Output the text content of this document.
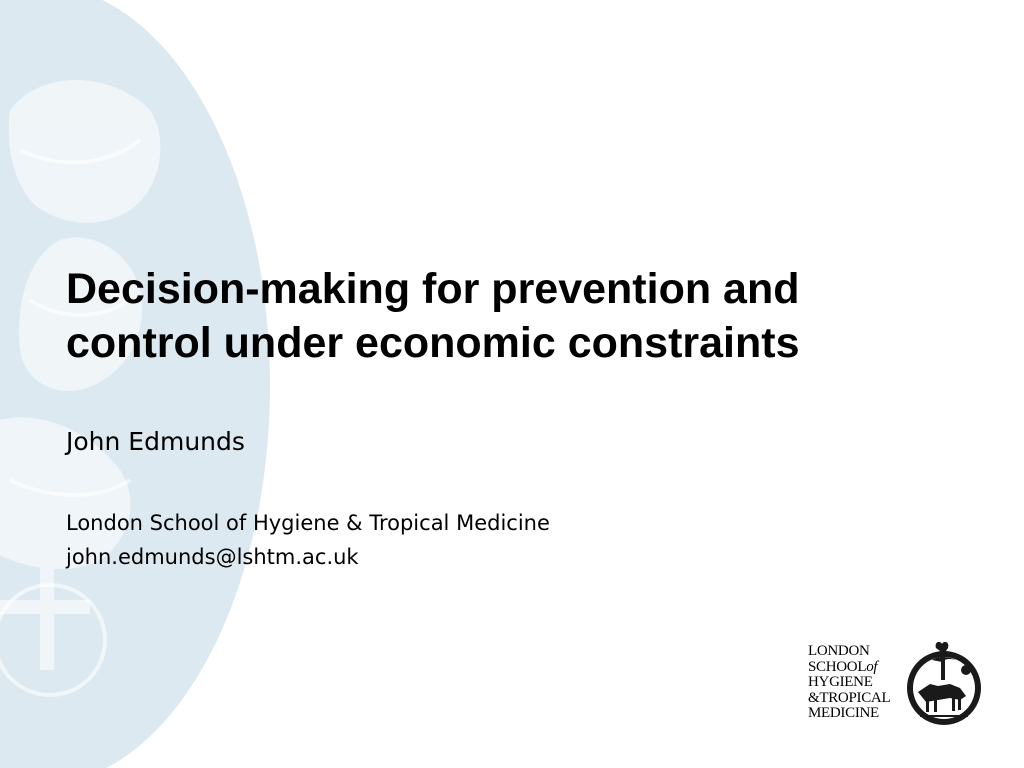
Decision-making for prevention and
control under economic constraints

John Edmunds

London School of Hygiene & Tropical Medicine
john.edmunds@lshtm.ac.uk
LONDON
SCHOOLof
HYGIENE
&TROPICAL
MEDICINE
